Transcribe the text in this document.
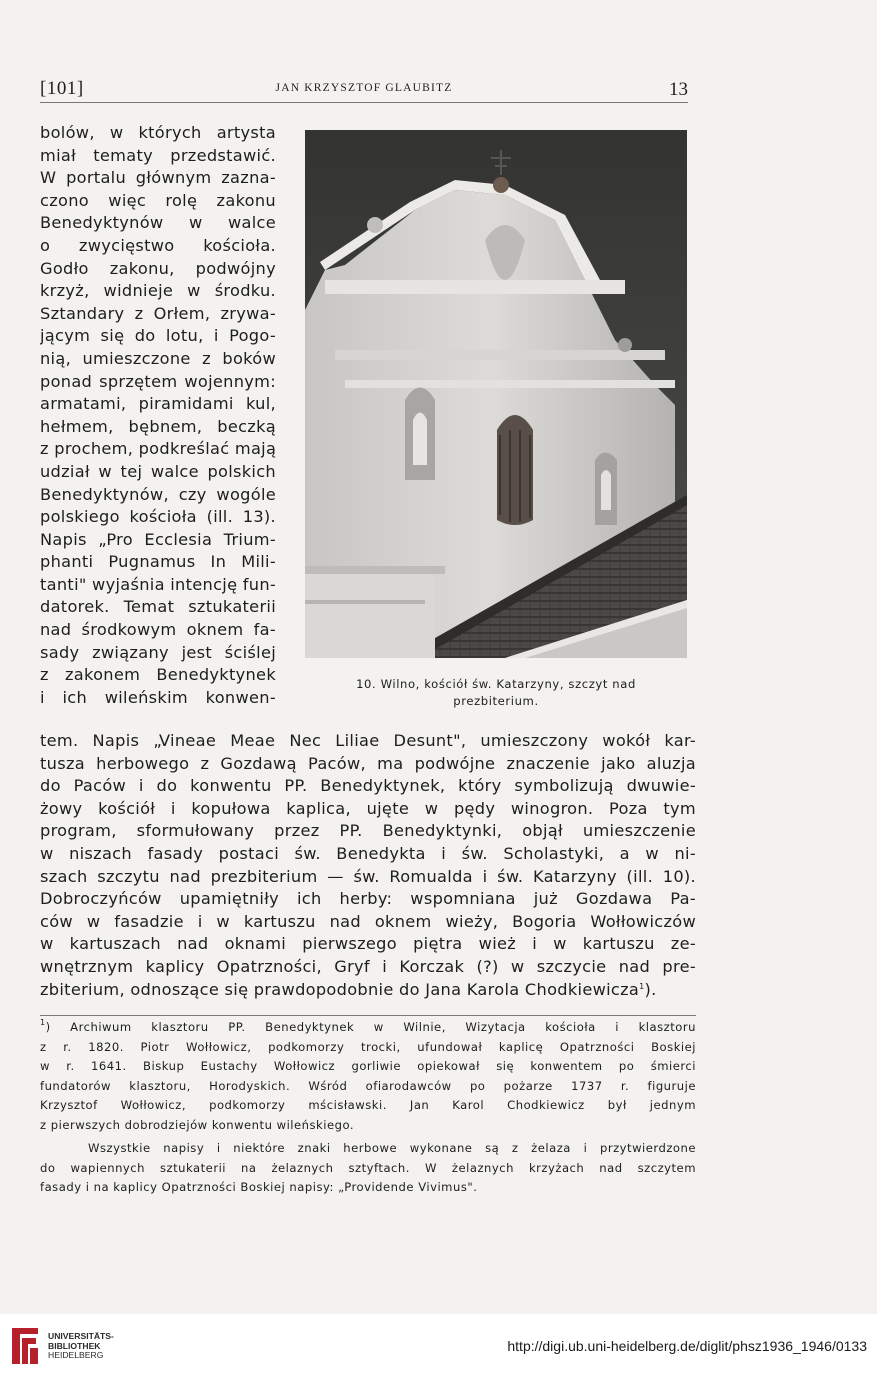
[101]	JAN KRZYSZTOF GLAUBITZ	13
bolów, w których artysta
miał tematy przedstawić.
W portalu głównym zazna-
czono więc rolę zakonu
Benedyktynów w walce
o zwycięstwo kościoła.
Godło zakonu, podwójny
krzyż, widnieje w środku.
Sztandary z Orłem, zrywa-
jącym się do lotu, i Pogo-
nią, umieszczone z boków
ponad sprzętem wojennym:
armatami, piramidami kul,
hełmem, bębnem, beczką
z prochem, podkreślać mają
udział w tej walce polskich
Benedyktynów, czy wogóle
polskiego kościoła (ill. 13).
Napis „Pro Ecclesia Trium-
phanti Pugnamus In Mili-
tanti" wyjaśnia intencję fun-
datorek. Temat sztukaterii
nad środkowym oknem fa-
sady związany jest ściślej
z zakonem Benedyktynek
i ich wileńskim konwen-
10. Wilno, kościół św. Katarzyny, szczyt nad
prezbiterium.
tem. Napis „Vineae Meae Nec Liliae Desunt", umieszczony wokół kar-
tusza herbowego z Gozdawą Paców, ma podwójne znaczenie jako aluzja
do Paców i do konwentu PP. Benedyktynek, który symbolizują dwuwie-
żowy kościół i kopułowa kaplica, ujęte w pędy winogron. Poza tym
program, sformułowany przez PP. Benedyktynki, objął umieszczenie
w niszach fasady postaci św. Benedykta i św. Scholastyki, a w ni-
szach szczytu nad prezbiterium — św. Romualda i św. Katarzyny (ill. 10).
Dobroczyńców upamiętniły ich herby: wspomniana już Gozdawa Pa-
ców w fasadzie i w kartuszu nad oknem wieży, Bogoria Wołłowiczów
w kartuszach nad oknami pierwszego piętra wież i w kartuszu ze-
wnętrznym kaplicy Opatrzności, Gryf i Korczak (?) w szczycie nad pre-
zbiterium, odnoszące się prawdopodobnie do Jana Karola Chodkiewicza$^1$).
$^1$) Archiwum klasztoru PP. Benedyktynek w Wilnie, Wizytacja kościoła i klasztoru
z r. 1820. Piotr Wołłowicz, podkomorzy trocki, ufundował kaplicę Opatrzności Boskiej
w r. 1641. Biskup Eustachy Wołłowicz gorliwie opiekował się konwentem po śmierci
fundatorów klasztoru, Horodyskich. Wśród ofiarodawców po pożarze 1737 r. figuruje
Krzysztof Wołłowicz, podkomorzy mścisławski. Jan Karol Chodkiewicz był jednym
z pierwszych dobrodziejów konwentu wileńskiego.
Wszystkie napisy i niektóre znaki herbowe wykonane są z żelaza i przytwierdzone
do wapiennych sztukaterii na żelaznych sztyftach. W żelaznych krzyżach nad szczytem
fasady i na kaplicy Opatrzności Boskiej napisy: „Providende Vivimus".
UNIVERSITÄTS-
BIBLIOTHEK
HEIDELBERG
http://digi.ub.uni-heidelberg.de/diglit/phsz1936_1946/0133
